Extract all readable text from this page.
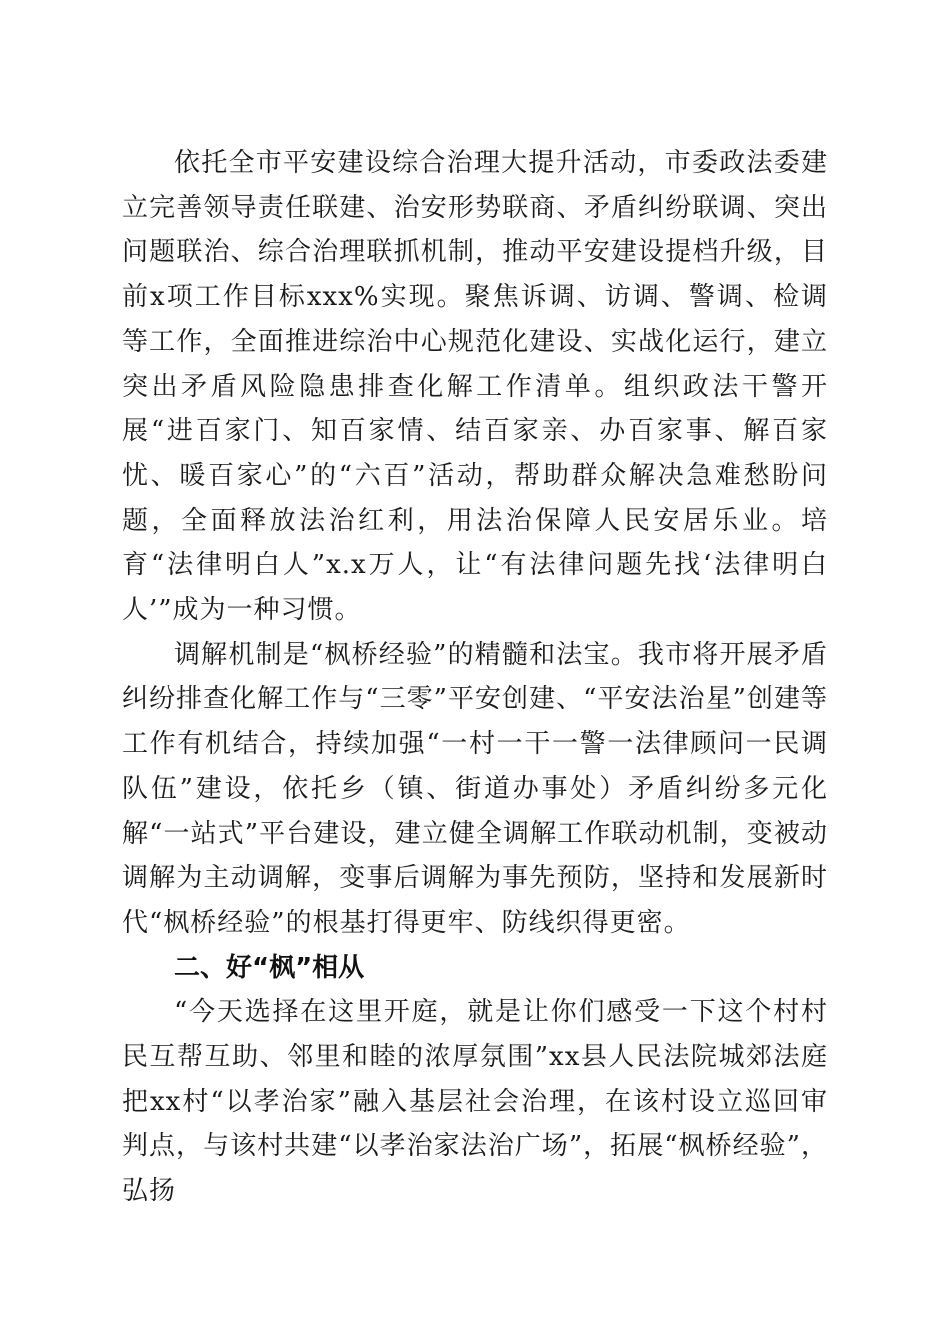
依托全市平安建设综合治理大提升活动，市委政法委建立完善领导责任联建、治安形势联商、矛盾纠纷联调、突出问题联治、综合治理联抓机制，推动平安建设提档升级，目前x项工作目标xxx%实现。聚焦诉调、访调、警调、检调等工作，全面推进综治中心规范化建设、实战化运行，建立突出矛盾风险隐患排查化解工作清单。组织政法干警开展“进百家门、知百家情、结百家亲、办百家事、解百家忧、暖百家心”的“六百”活动，帮助群众解决急难愁盼问题，全面释放法治红利，用法治保障人民安居乐业。培育“法律明白人”x.x万人，让“有法律问题先找‘法律明白人’”成为一种习惯。

调解机制是“枫桥经验”的精髓和法宝。我市将开展矛盾纠纷排查化解工作与“三零”平安创建、“平安法治星”创建等工作有机结合，持续加强“一村一干一警一法律顾问一民调队伍”建设，依托乡（镇、街道办事处）矛盾纠纷多元化解“一站式”平台建设，建立健全调解工作联动机制，变被动调解为主动调解，变事后调解为事先预防，坚持和发展新时代“枫桥经验”的根基打得更牢、防线织得更密。

二、好“枫”相从

“今天选择在这里开庭，就是让你们感受一下这个村村民互帮互助、邻里和睦的浓厚氛围”xx县人民法院城郊法庭把xx村“以孝治家”融入基层社会治理，在该村设立巡回审判点，与该村共建“以孝治家法治广场”，拓展“枫桥经验”，弘扬
